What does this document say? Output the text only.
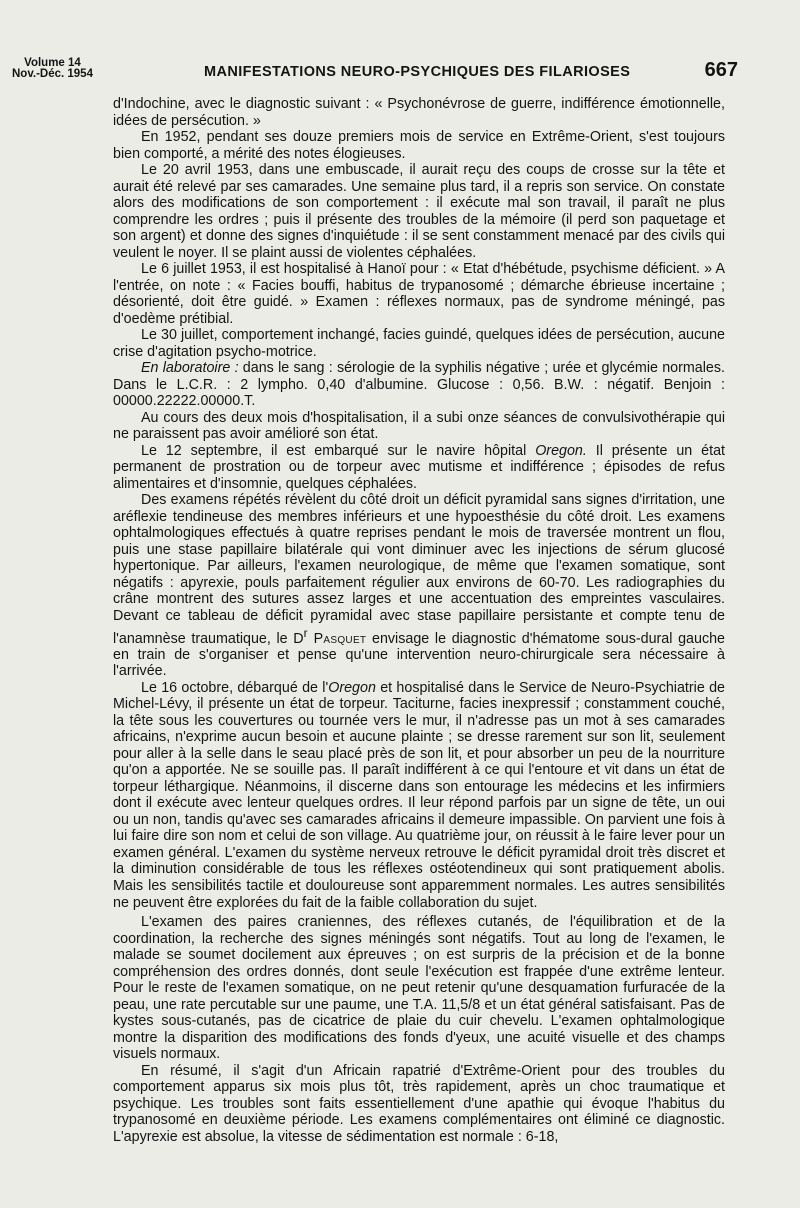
Volume 14
Nov.-Déc. 1954	MANIFESTATIONS NEURO-PSYCHIQUES DES FILARIOSES	667

d'Indochine, avec le diagnostic suivant : « Psychonévrose de guerre, indifférence émotionnelle, idées de persécution. »

En 1952, pendant ses douze premiers mois de service en Extrême-Orient, s'est toujours bien comporté, a mérité des notes élogieuses.

Le 20 avril 1953, dans une embuscade, il aurait reçu des coups de crosse sur la tête et aurait été relevé par ses camarades. Une semaine plus tard, il a repris son service. On constate alors des modifications de son comportement : il exécute mal son travail, il paraît ne plus comprendre les ordres ; puis il présente des troubles de la mémoire (il perd son paquetage et son argent) et donne des signes d'inquiétude : il se sent constamment menacé par des civils qui veulent le noyer. Il se plaint aussi de violentes céphalées.

Le 6 juillet 1953, il est hospitalisé à Hanoï pour : « Etat d'hébétude, psychisme déficient. » A l'entrée, on note : « Facies bouffi, habitus de trypanosomé ; démarche ébrieuse incertaine ; désorienté, doit être guidé. » Examen : réflexes normaux, pas de syndrome méningé, pas d'oedème prétibial.

Le 30 juillet, comportement inchangé, facies guindé, quelques idées de persécution, aucune crise d'agitation psycho-motrice.

En laboratoire : dans le sang : sérologie de la syphilis négative ; urée et glycémie normales. Dans le L.C.R. : 2 lympho. 0,40 d'albumine. Glucose : 0,56. B.W. : négatif. Benjoin : 00000.22222.00000.T.

Au cours des deux mois d'hospitalisation, il a subi onze séances de convulsivothérapie qui ne paraissent pas avoir amélioré son état.

Le 12 septembre, il est embarqué sur le navire hôpital Oregon. Il présente un état permanent de prostration ou de torpeur avec mutisme et indifférence ; épisodes de refus alimentaires et d'insomnie, quelques céphalées.

Des examens répétés révèlent du côté droit un déficit pyramidal sans signes d'irritation, une aréflexie tendineuse des membres inférieurs et une hypoesthésie du côté droit. Les examens ophtalmologiques effectués à quatre reprises pendant le mois de traversée montrent un flou, puis une stase papillaire bilatérale qui vont diminuer avec les injections de sérum glucosé hypertonique. Par ailleurs, l'examen neurologique, de même que l'examen somatique, sont négatifs : apyrexie, pouls parfaitement régulier aux environs de 60-70. Les radiographies du crâne montrent des sutures assez larges et une accentuation des empreintes vasculaires. Devant ce tableau de déficit pyramidal avec stase papillaire persistante et compte tenu de l'anamnèse traumatique, le $D^r$ Pasquet envisage le diagnostic d'hématome sous-dural gauche en train de s'organiser et pense qu'une intervention neuro-chirurgicale sera nécessaire à l'arrivée.

Le 16 octobre, débarqué de l'Oregon et hospitalisé dans le Service de Neuro-Psychiatrie de Michel-Lévy, il présente un état de torpeur. Taciturne, facies inexpressif ; constamment couché, la tête sous les couvertures ou tournée vers le mur, il n'adresse pas un mot à ses camarades africains, n'exprime aucun besoin et aucune plainte ; se dresse rarement sur son lit, seulement pour aller à la selle dans le seau placé près de son lit, et pour absorber un peu de la nourriture qu'on a apportée. Ne se souille pas. Il paraît indifférent à ce qui l'entoure et vit dans un état de torpeur léthargique. Néanmoins, il discerne dans son entourage les médecins et les infirmiers dont il exécute avec lenteur quelques ordres. Il leur répond parfois par un signe de tête, un oui ou un non, tandis qu'avec ses camarades africains il demeure impassible. On parvient une fois à lui faire dire son nom et celui de son village. Au quatrième jour, on réussit à le faire lever pour un examen général. L'examen du système nerveux retrouve le déficit pyramidal droit très discret et la diminution considérable de tous les réflexes ostéotendineux qui sont pratiquement abolis. Mais les sensibilités tactile et douloureuse sont apparemment normales. Les autres sensibilités ne peuvent être explorées du fait de la faible collaboration du sujet.

L'examen des paires craniennes, des réflexes cutanés, de l'équilibration et de la coordination, la recherche des signes méningés sont négatifs. Tout au long de l'examen, le malade se soumet docilement aux épreuves ; on est surpris de la précision et de la bonne compréhension des ordres donnés, dont seule l'exécution est frappée d'une extrême lenteur. Pour le reste de l'examen somatique, on ne peut retenir qu'une desquamation furfuracée de la peau, une rate percutable sur une paume, une T.A. 11,5/8 et un état général satisfaisant. Pas de kystes sous-cutanés, pas de cicatrice de plaie du cuir chevelu. L'examen ophtalmologique montre la disparition des modifications des fonds d'yeux, une acuité visuelle et des champs visuels normaux.

En résumé, il s'agit d'un Africain rapatrié d'Extrême-Orient pour des troubles du comportement apparus six mois plus tôt, très rapidement, après un choc traumatique et psychique. Les troubles sont faits essentiellement d'une apathie qui évoque l'habitus du trypanosomé en deuxième période. Les examens complémentaires ont éliminé ce diagnostic. L'apyrexie est absolue, la vitesse de sédimentation est normale : 6-18,
